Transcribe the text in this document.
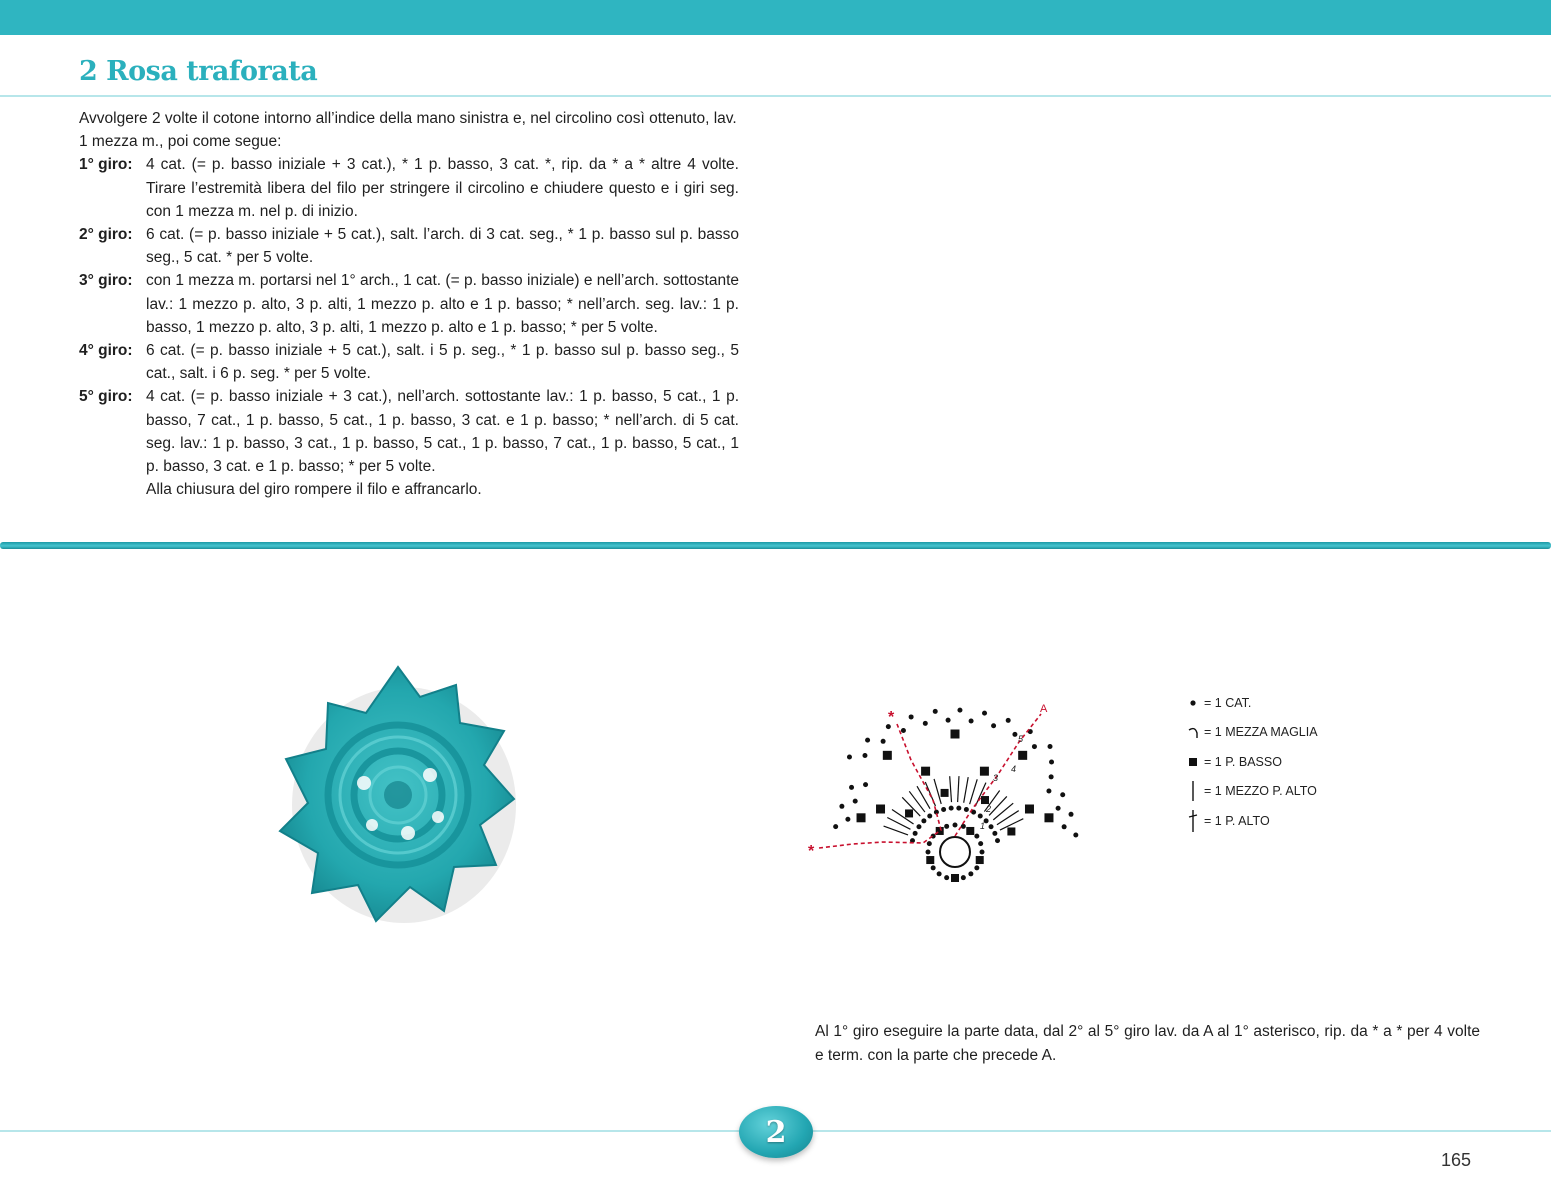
2 Rosa traforata

Avvolgere 2 volte il cotone intorno all’indice della mano sinistra e, nel circolino così ottenuto, lav. 1 mezza m., poi come segue:

1° giro: 4 cat. (= p. basso iniziale + 3 cat.), * 1 p. basso, 3 cat. *, rip. da * a * altre 4 volte. Tirare l’estremità libera del filo per stringere il circolino e chiudere questo e i giri seg. con 1 mezza m. nel p. di inizio.
2° giro: 6 cat. (= p. basso iniziale + 5 cat.), salt. l’arch. di 3 cat. seg., * 1 p. basso sul p. basso seg., 5 cat. * per 5 volte.
3° giro: con 1 mezza m. portarsi nel 1° arch., 1 cat. (= p. basso iniziale) e nell’arch. sottostante lav.: 1 mezzo p. alto, 3 p. alti, 1 mezzo p. alto e 1 p. basso; * nell’arch. seg. lav.: 1 p. basso, 1 mezzo p. alto, 3 p. alti, 1 mezzo p. alto e 1 p. basso; * per 5 volte.
4° giro: 6 cat. (= p. basso iniziale + 5 cat.), salt. i 5 p. seg., * 1 p. basso sul p. basso seg., 5 cat., salt. i 6 p. seg. * per 5 volte.
5° giro: 4 cat. (= p. basso iniziale + 3 cat.), nell’arch. sottostante lav.: 1 p. basso, 5 cat., 1 p. basso, 7 cat., 1 p. basso, 5 cat., 1 p. basso, 3 cat. e 1 p. basso; * nell’arch. di 5 cat. seg. lav.: 1 p. basso, 3 cat., 1 p. basso, 5 cat., 1 p. basso, 7 cat., 1 p. basso, 5 cat., 1 p. basso, 3 cat. e 1 p. basso; * per 5 volte.

Alla chiusura del giro rompere il filo e affrancarlo.

A
*
*
1
2
3
4
5
= 1 CAT.
= 1 MEZZA MAGLIA
= 1 P. BASSO
= 1 MEZZO P. ALTO
= 1 P. ALTO

Al 1° giro eseguire la parte data, dal 2° al 5° giro lav. da A al 1° asterisco, rip. da * a * per 4 volte e term. con la parte che precede A.

2
165
